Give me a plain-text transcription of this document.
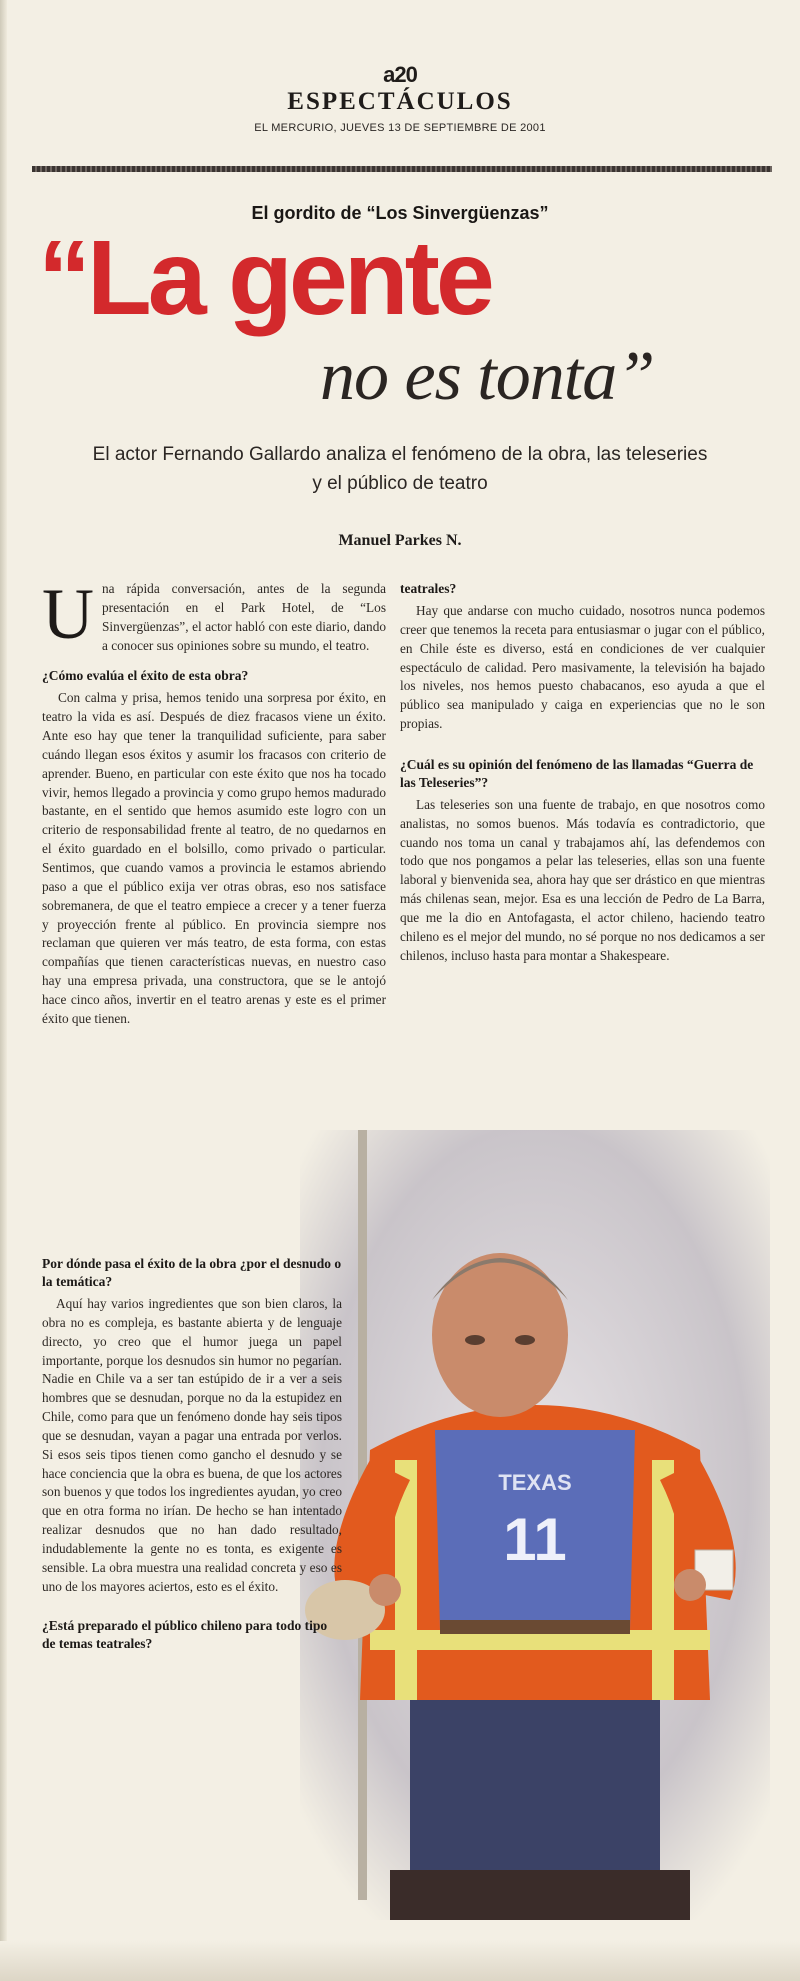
a20
ESPECTÁCULOS
EL MERCURIO, JUEVES 13 DE SEPTIEMBRE DE 2001
El gordito de “Los Sinvergüenzas”
“La gente
no es tonta”
El actor Fernando Gallardo analiza el fenómeno de la obra, las teleseries
y el público de teatro
Manuel Parkes N.

Una rápida conversación, antes de la segunda presentación en el Park Hotel, de “Los Sinvergüenzas”, el actor habló con este diario, dando a conocer sus opiniones sobre su mundo, el teatro.

¿Cómo evalúa el éxito de esta obra?

Con calma y prisa, hemos tenido una sorpresa por éxito, en teatro la vida es así. Después de diez fracasos viene un éxito. Ante eso hay que tener la tranquilidad suficiente, para saber cuándo llegan esos éxitos y asumir los fracasos con criterio de aprender. Bueno, en particular con este éxito que nos ha tocado vivir, hemos llegado a provincia y como grupo hemos madurado bastante, en el sentido que hemos asumido este logro con un criterio de responsabilidad frente al teatro, de no quedarnos en el éxito guardado en el bolsillo, como privado o particular. Sentimos, que cuando vamos a provincia le estamos abriendo paso a que el público exija ver otras obras, eso nos satisface sobremanera, de que el teatro empiece a crecer y a tener fuerza y proyección frente al público. En provincia siempre nos reclaman que quieren ver más teatro, de esta forma, con estas compañías que tienen características nuevas, en nuestro caso hay una empresa privada, una constructora, que se le antojó hace cinco años, invertir en el teatro arenas y este es el primer éxito que tienen.

teatrales?

Hay que andarse con mucho cuidado, nosotros nunca podemos creer que tenemos la receta para entusiasmar o jugar con el público, en Chile éste es diverso, está en condiciones de ver cualquier espectáculo de calidad. Pero masivamente, la televisión ha bajado los niveles, nos hemos puesto chabacanos, eso ayuda a que el público sea manipulado y caiga en experiencias que no le son propias.

¿Cuál es su opinión del fenómeno de las llamadas “Guerra de las Teleseries”?

Las teleseries son una fuente de trabajo, en que nosotros como analistas, no somos buenos. Más todavía es contradictorio, que cuando nos toma un canal y trabajamos ahí, las defendemos con todo que nos pongamos a pelar las teleseries, ellas son una fuente laboral y bienvenida sea, ahora hay que ser drástico en que mientras más chilenas sean, mejor. Esa es una lección de Pedro de La Barra, que me la dio en Antofagasta, el actor chileno, haciendo teatro chileno es el mejor del mundo, no sé porque no nos dedicamos a ser chilenos, incluso hasta para montar a Shakespeare.

TEXAS
11
Por dónde pasa el éxito de la obra ¿por el desnudo o la temática?

Aquí hay varios ingredientes que son bien claros, la obra no es compleja, es bastante abierta y de lenguaje directo, yo creo que el humor juega un papel importante, porque los desnudos sin humor no pegarían. Nadie en Chile va a ser tan estúpido de ir a ver a seis hombres que se desnudan, porque no da la estupidez en Chile, como para que un fenómeno donde hay seis tipos que se desnudan, vayan a pagar una entrada por verlos. Si esos seis tipos tienen como gancho el desnudo y se hace conciencia que la obra es buena, de que los actores son buenos y que todos los ingredientes ayudan, yo creo que en otra forma no irían. De hecho se han intentado realizar desnudos que no han dado resultado, indudablemente la gente no es tonta, es exigente es sensible. La obra muestra una realidad concreta y eso es uno de los mayores aciertos, esto es el éxito.

¿Está preparado el público chileno para todo tipo de temas teatrales?
